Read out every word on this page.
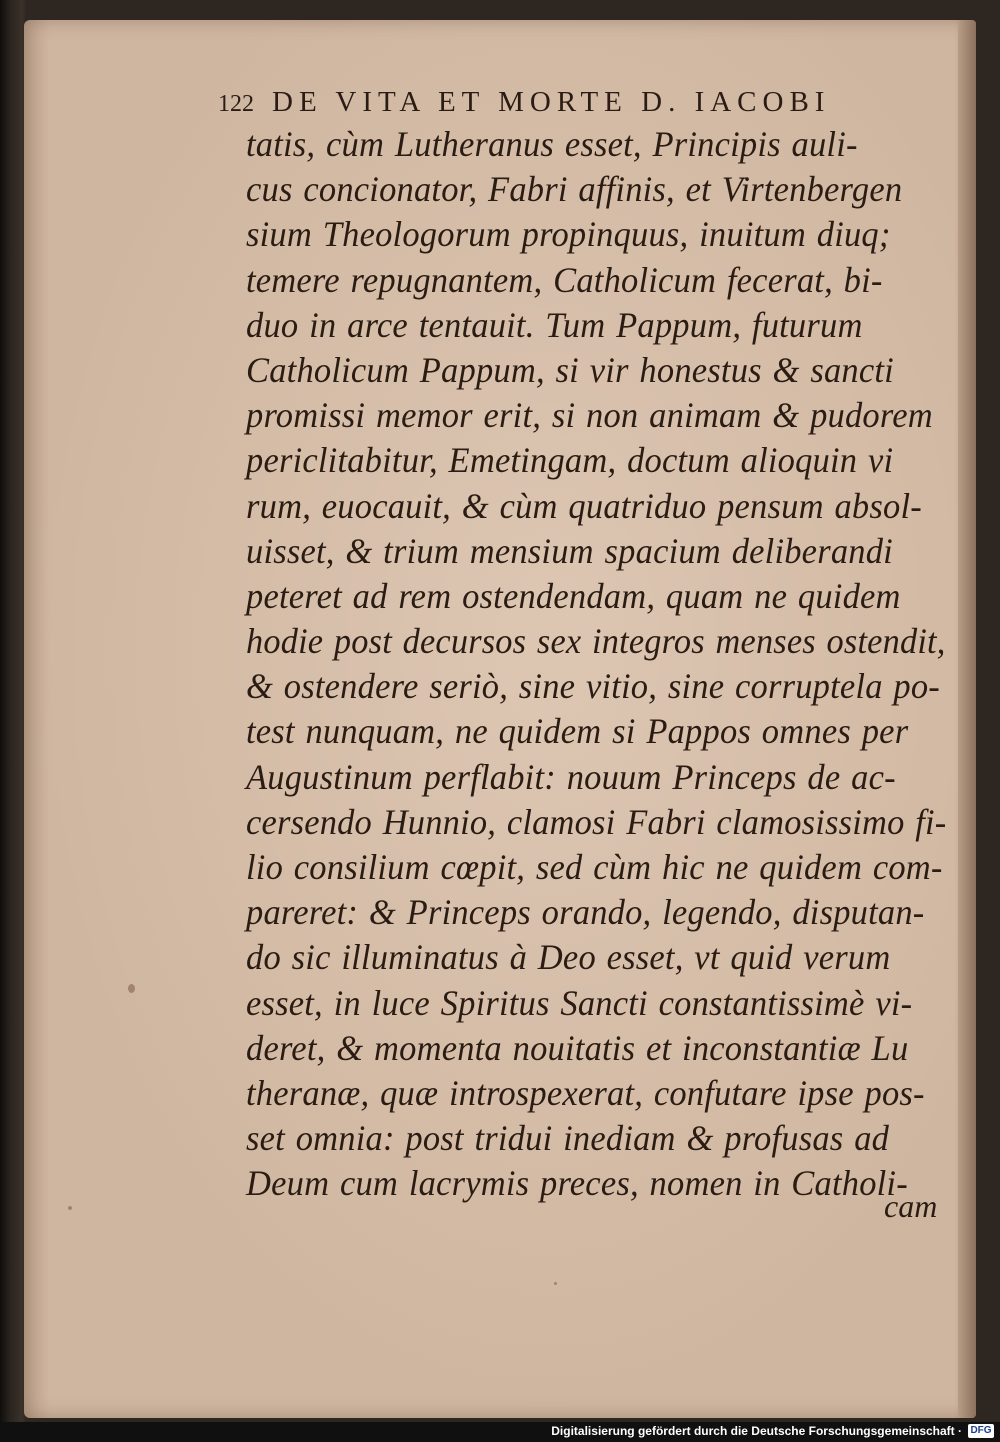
122 DE VITA ET MORTE D. IACOBI
tatis, cùm Lutheranus esset, Principis auli-
cus concionator, Fabri affinis, et Virtenbergen
sium Theologorum propinquus, inuitum diuq;
temere repugnantem, Catholicum fecerat, bi-
duo in arce tentauit. Tum Pappum, futurum
Catholicum Pappum, si vir honestus & sancti
promissi memor erit, si non animam & pudorem
periclitabitur, Emetingam, doctum alioquin vi
rum, euocauit, & cùm quatriduo pensum absol-
uisset, & trium mensium spacium deliberandi
peteret ad rem ostendendam, quam ne quidem
hodie post decursos sex integros menses ostendit,
& ostendere seriò, sine vitio, sine corruptela po-
test nunquam, ne quidem si Pappos omnes per
Augustinum perflabit: nouum Princeps de ac-
cersendo Hunnio, clamosi Fabri clamosissimo fi-
lio consilium cœpit, sed cùm hic ne quidem com-
pareret: & Princeps orando, legendo, disputan-
do sic illuminatus à Deo esset, vt quid verum
esset, in luce Spiritus Sancti constantissimè vi-
deret, & momenta nouitatis et inconstantiæ Lu
theranæ, quæ introspexerat, confutare ipse pos-
set omnia: post tridui inediam & profusas ad
Deum cum lacrymis preces, nomen in Catholi-
cam
Digitalisierung gefördert durch die Deutsche Forschungsgemeinschaft · DFG
